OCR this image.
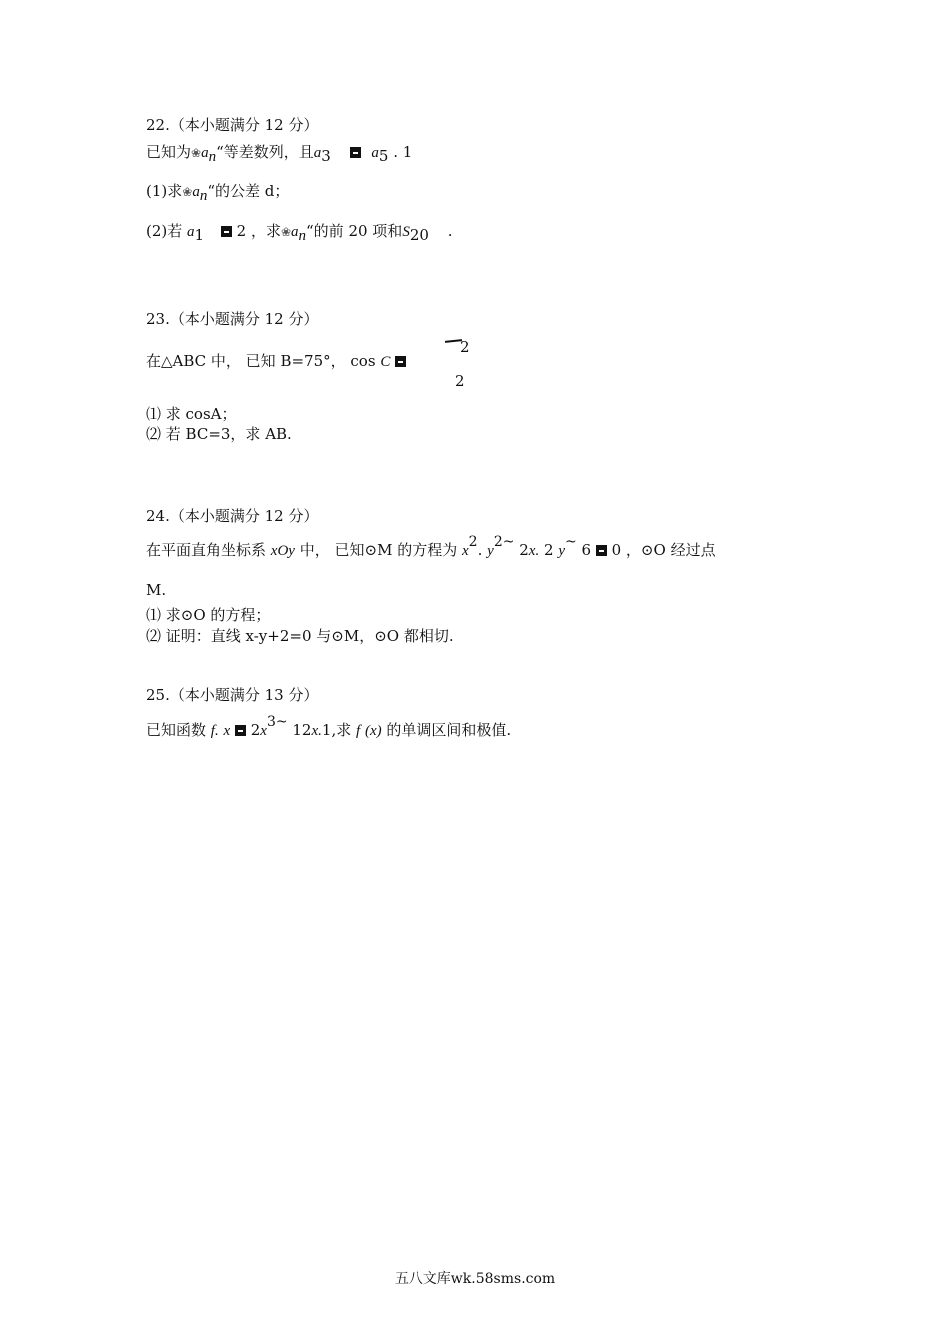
22.（本小题满分 12 分）
已知为❀an“等差数列，且a3	a5 . 1
(1)求❀an“的公差 d；
(2)若 a1 2 ，求❀an“的前 20 项和S20 .
23.（本小题满分 12 分）
在△ABC 中， 已知 B=75°， cos C
2
2
⑴ 求 cosA；
⑵ 若 BC=3，求 AB.
24.（本小题满分 12 分）
在平面直角坐标系 xOy 中， 已知⊙M 的方程为 x2. y2~ 2x. 2 y~ 6 0 ，⊙O 经过点
M.
⑴ 求⊙O 的方程；
⑵ 证明：直线 x-y+2=0 与⊙M，⊙O 都相切.
25.（本小题满分 13 分）
已知函数 f. x 2x3~ 12x.1,求 f (x) 的单调区间和极值.
五八文库wk.58sms.com
